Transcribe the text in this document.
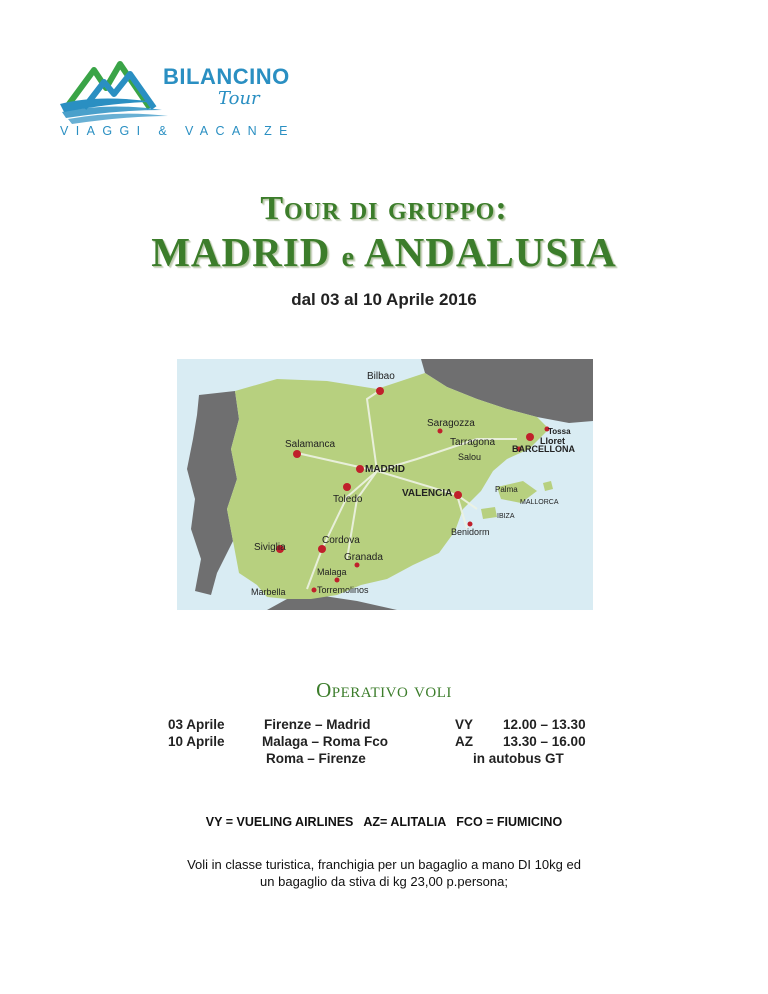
BILANCINO
Tour
VIAGGI & VACANZE
Tour di gruppo:
MADRID e ANDALUSIA
dal 03 al 10 Aprile 2016
Bilbao
Saragozza
Tossa
Lloret
Tarragona
BARCELLONA
Salou
Salamanca
MADRID
Toledo
VALENCIA	Palma
MALLORCA
IBIZA
Benidorm
Cordova
Siviglia
Granada
Malaga
Marbella	Torremolinos
Operativo voli
03 Aprile	Firenze – Madrid	VY 12.00 – 13.30
10 Aprile	Malaga – Roma Fco	AZ 13.30 – 16.00
Roma – Firenze	in autobus GT
VY = VUELING AIRLINES   AZ= ALITALIA   FCO = FIUMICINO
Voli in classe turistica, franchigia per un bagaglio a mano DI 10kg ed
un bagaglio da stiva di kg 23,00 p.persona;
